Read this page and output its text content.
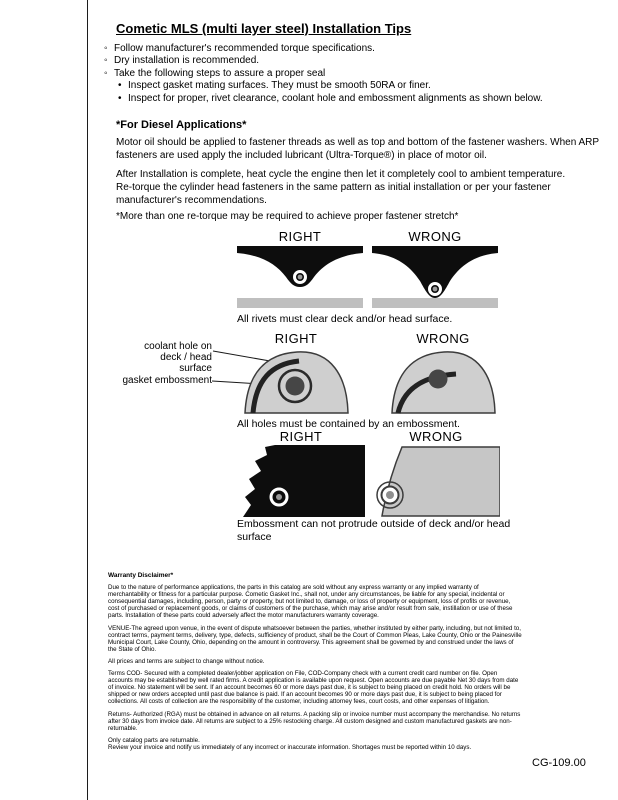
Cometic MLS (multi layer steel) Installation Tips
◦ Follow manufacturer's recommended torque specifications.
◦ Dry installation is recommended.
◦ Take the following steps to assure a proper seal
• Inspect gasket mating surfaces. They must be smooth 50RA or finer.
• Inspect for proper, rivet clearance, coolant hole and embossment alignments as shown below.
*For Diesel Applications*
Motor oil should be applied to fastener threads as well as top and bottom of the fastener washers. When ARP fasteners are used apply the included lubricant (Ultra-Torque®) in place of motor oil.
After Installation is complete, heat cycle the engine then let it completely cool to ambient temperature. Re-torque the cylinder head fasteners in the same pattern as initial installation or per your fastener manufacturer's recommendations.
*More than one re-torque may be required to achieve proper fastener stretch*
RIGHT	WRONG
All rivets must clear deck and/or head surface.
RIGHT	WRONG
coolant hole on
deck / head surface
gasket embossment
All holes must be contained by an embossment.
RIGHT	WRONG
Embossment can not protrude outside of deck and/or head surface
Warranty Disclaimer*

Due to the nature of performance applications, the parts in this catalog are sold without any express warranty or any implied warranty of merchantability or fitness for a particular purpose. Cometic Gasket Inc., shall not, under any circumstances, be liable for any special, incidental or consequential damages, including, person, party or property, but not limited to, damage, or loss of property or equipment, loss of profits or revenue, cost of purchased or replacement goods, or claims of customers of the purchase, which may arise and/or result from sale, instillation or use of these parts. Installation of these parts could adversely affect the motor manufacturers warranty coverage.

VENUE-The agreed upon venue, in the event of dispute whatsoever between the parties, whether instituted by either party, including, but not limited to, contract terms, payment terms, delivery, type, defects, sufficiency of product, shall be the Court of Common Pleas, Lake County, Ohio or the Painesville Municipal Court, Lake County, Ohio, depending on the amount in controversy. This agreement shall be governed by and construed under the laws of the State of Ohio.

All prices and terms are subject to change without notice.

Terms COD- Secured with a completed dealer/jobber application on File, COD-Company check with a current credit card number on file. Open accounts may be established by well rated firms. A credit application is available upon request. Open accounts are due payable Net 30 days from date of invoice. No statement will be sent. If an account becomes 60 or more days past due, it is subject to being placed on credit hold. No orders will be shipped or new orders accepted until past due balance is paid. If an account becomes 90 or more days past due, it is subject to being placed for collections. All costs of collection are the responsibility of the customer, including attorney fees, court costs, and other expenses of litigation.

Returns- Authorized (RGA) must be obtained in advance on all returns. A packing slip or invoice number must accompany the merchandise. No returns after 30 days from invoice date. All returns are subject to a 25% restocking charge. All custom designed and custom manufactured gaskets are non-returnable.

Only catalog parts are returnable.

Review your invoice and notify us immediately of any incorrect or inaccurate information. Shortages must be reported within 10 days.

CG-109.00
